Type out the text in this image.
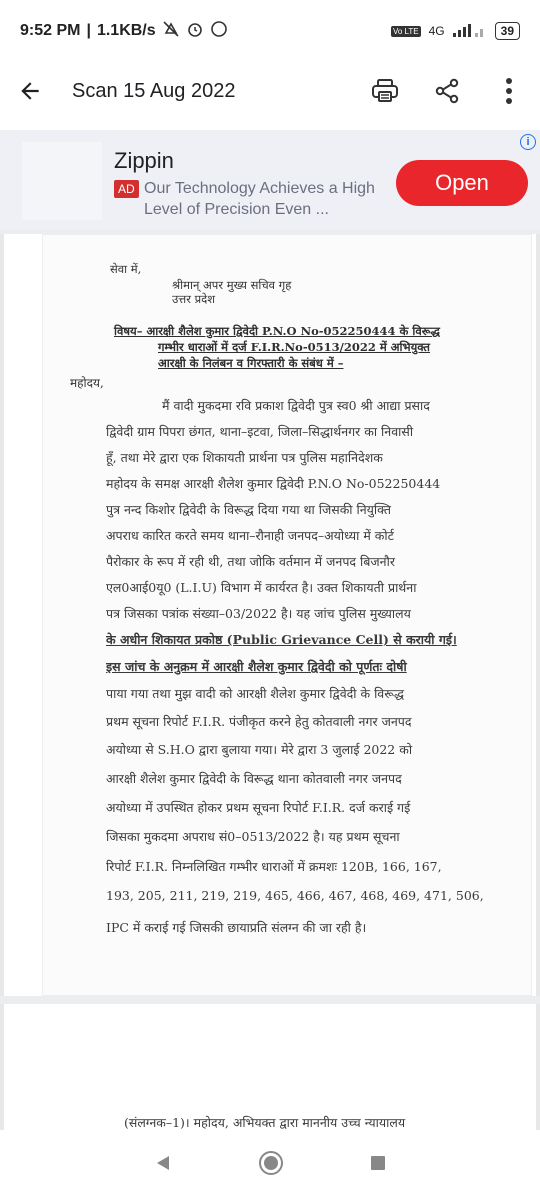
9:52 PM | 1.1KB/s	Vo LTE 4G	39
Scan 15 Aug 2022
Zippin
AD Our Technology Achieves a High Level of Precision Even ...
Open
i
सेवा में,
श्रीमान् अपर मुख्य सचिव गृह
उत्तर प्रदेश
विषय– आरक्षी शैलेश कुमार द्विवेदी P.N.O No-052250444 के विरूद्ध
गम्भीर धाराओं में दर्ज F.I.R.No-0513/2022 में अभियुक्त
आरक्षी के निलंबन व गिरफ्तारी के संबंध में –
महोदय,
मैं वादी मुकदमा रवि प्रकाश द्विवेदी पुत्र स्व0 श्री आद्या प्रसाद
द्विवेदी ग्राम पिपरा छंगत, थाना–इटवा, जिला–सिद्धार्थनगर का निवासी
हूँ, तथा मेरे द्वारा एक शिकायती प्रार्थना पत्र पुलिस महानिदेशक
महोदय के समक्ष आरक्षी शैलेश कुमार द्विवेदी P.N.O No-052250444
पुत्र नन्द किशोर द्विवेदी के विरूद्ध दिया गया था जिसकी नियुक्ति
अपराध कारित करते समय थाना–रौनाही जनपद–अयोध्या में कोर्ट
पैरोकार के रूप में रही थी, तथा जोकि वर्तमान में जनपद बिजनौर
एल0आई0यू0 (L.I.U) विभाग में कार्यरत है। उक्त शिकायती प्रार्थना
पत्र जिसका पत्रांक संख्या–03/2022 है। यह जांच पुलिस मुख्यालय
के अधीन शिकायत प्रकोष्ठ (Public Grievance Cell) से करायी गई।
इस जांच के अनुक्रम में आरक्षी शैलेश कुमार द्विवेदी को पूर्णतः दोषी
पाया गया तथा मुझ वादी को आरक्षी शैलेश कुमार द्विवेदी के विरूद्ध
प्रथम सूचना रिपोर्ट F.I.R. पंजीकृत करने हेतु कोतवाली नगर जनपद
अयोध्या से S.H.O द्वारा बुलाया गया। मेरे द्वारा 3 जुलाई 2022 को
आरक्षी शैलेश कुमार द्विवेदी के विरूद्ध थाना कोतवाली नगर जनपद
अयोध्या में उपस्थित होकर प्रथम सूचना रिपोर्ट F.I.R. दर्ज कराई गई
जिसका मुकदमा अपराध सं0–0513/2022 है। यह प्रथम सूचना
रिपोर्ट F.I.R. निम्नलिखित गम्भीर धाराओं में क्रमशः 120B, 166, 167,
193, 205, 211, 219, 219, 465, 466, 467, 468, 469, 471, 506,
IPC में कराई गई जिसकी छायाप्रति संलग्न की जा रही है।
(संलग्नक–1)। महोदय, अभियक्त द्वारा माननीय उच्च न्यायालय
